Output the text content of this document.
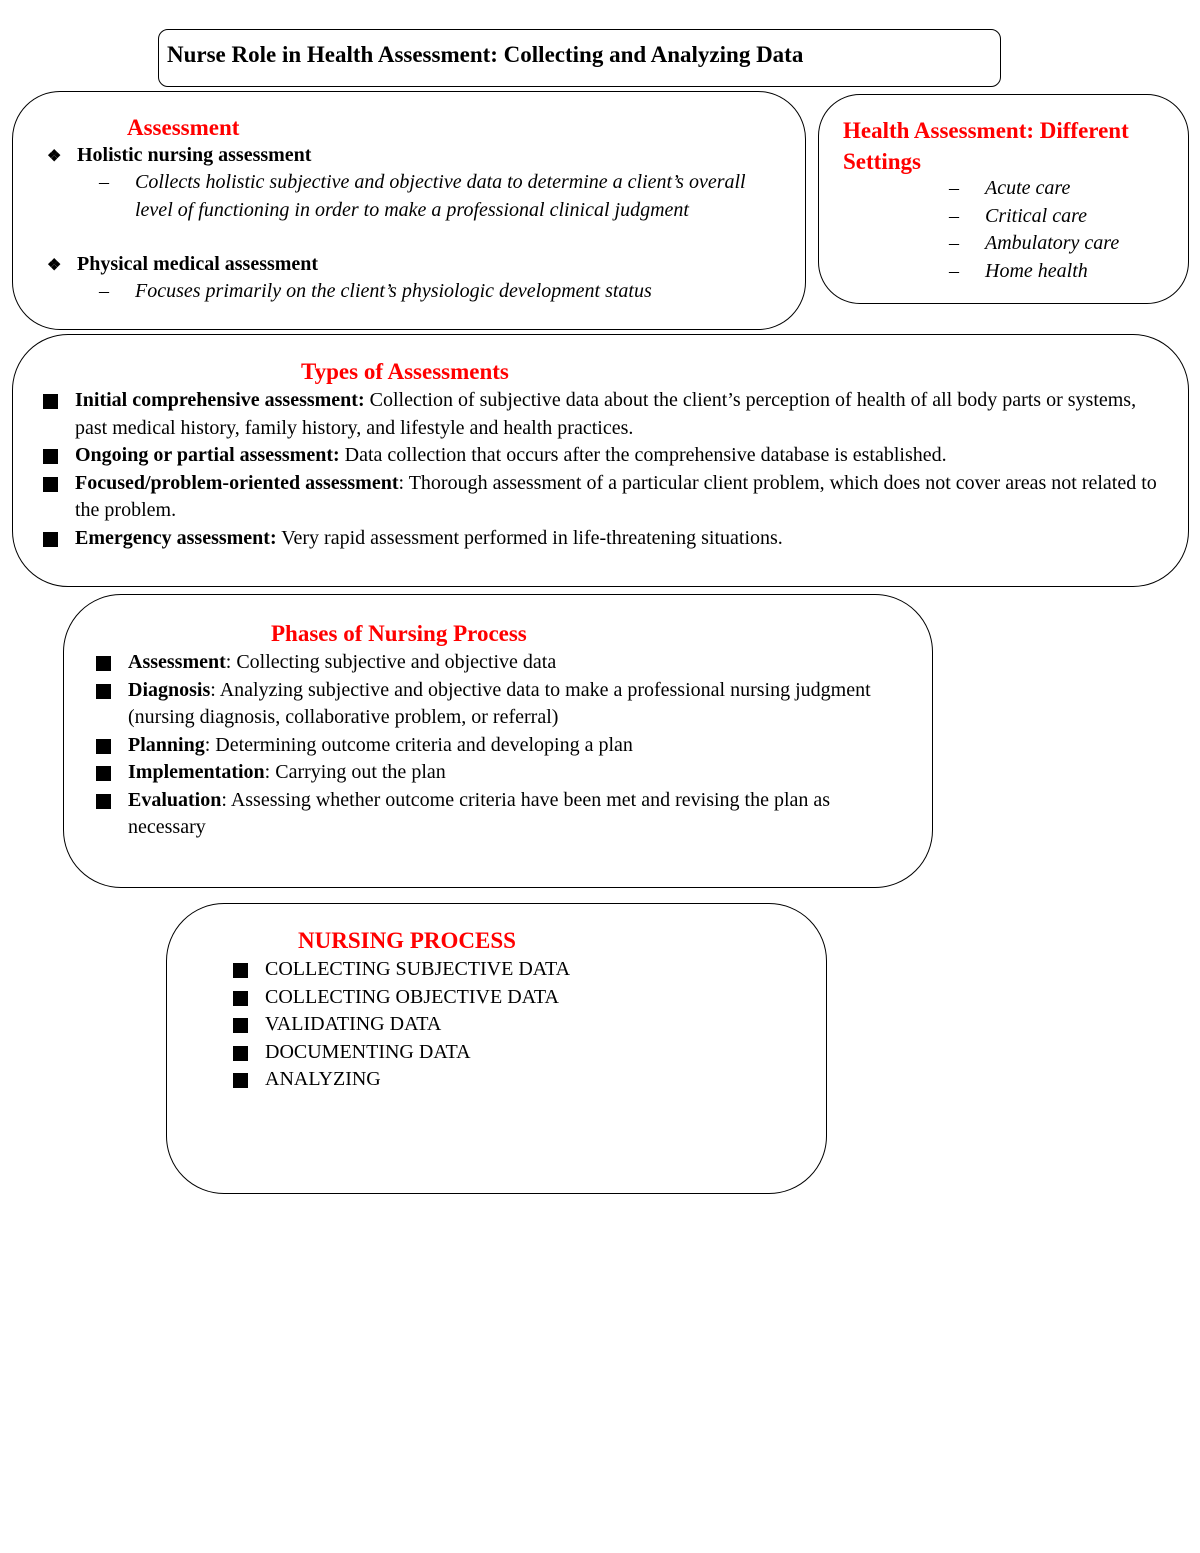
Nurse Role in Health Assessment: Collecting and Analyzing Data
Assessment
❖ Holistic nursing assessment
– Collects holistic subjective and objective data to determine a client’s overall level of functioning in order to make a professional clinical judgment
❖ Physical medical assessment
– Focuses primarily on the client’s physiologic development status
Health Assessment: Different Settings
– Acute care
– Critical care
– Ambulatory care
– Home health
Types of Assessments
Initial comprehensive assessment: Collection of subjective data about the client’s perception of health of all body parts or systems, past medical history, family history, and lifestyle and health practices.
Ongoing or partial assessment: Data collection that occurs after the comprehensive database is established.
Focused/problem-oriented assessment: Thorough assessment of a particular client problem, which does not cover areas not related to the problem.
Emergency assessment: Very rapid assessment performed in life-threatening situations.
Phases of Nursing Process
Assessment: Collecting subjective and objective data
Diagnosis: Analyzing subjective and objective data to make a professional nursing judgment (nursing diagnosis, collaborative problem, or referral)
Planning: Determining outcome criteria and developing a plan
Implementation: Carrying out the plan
Evaluation: Assessing whether outcome criteria have been met and revising the plan as necessary
NURSING PROCESS
COLLECTING SUBJECTIVE DATA
COLLECTING OBJECTIVE DATA
VALIDATING DATA
DOCUMENTING DATA
ANALYZING
